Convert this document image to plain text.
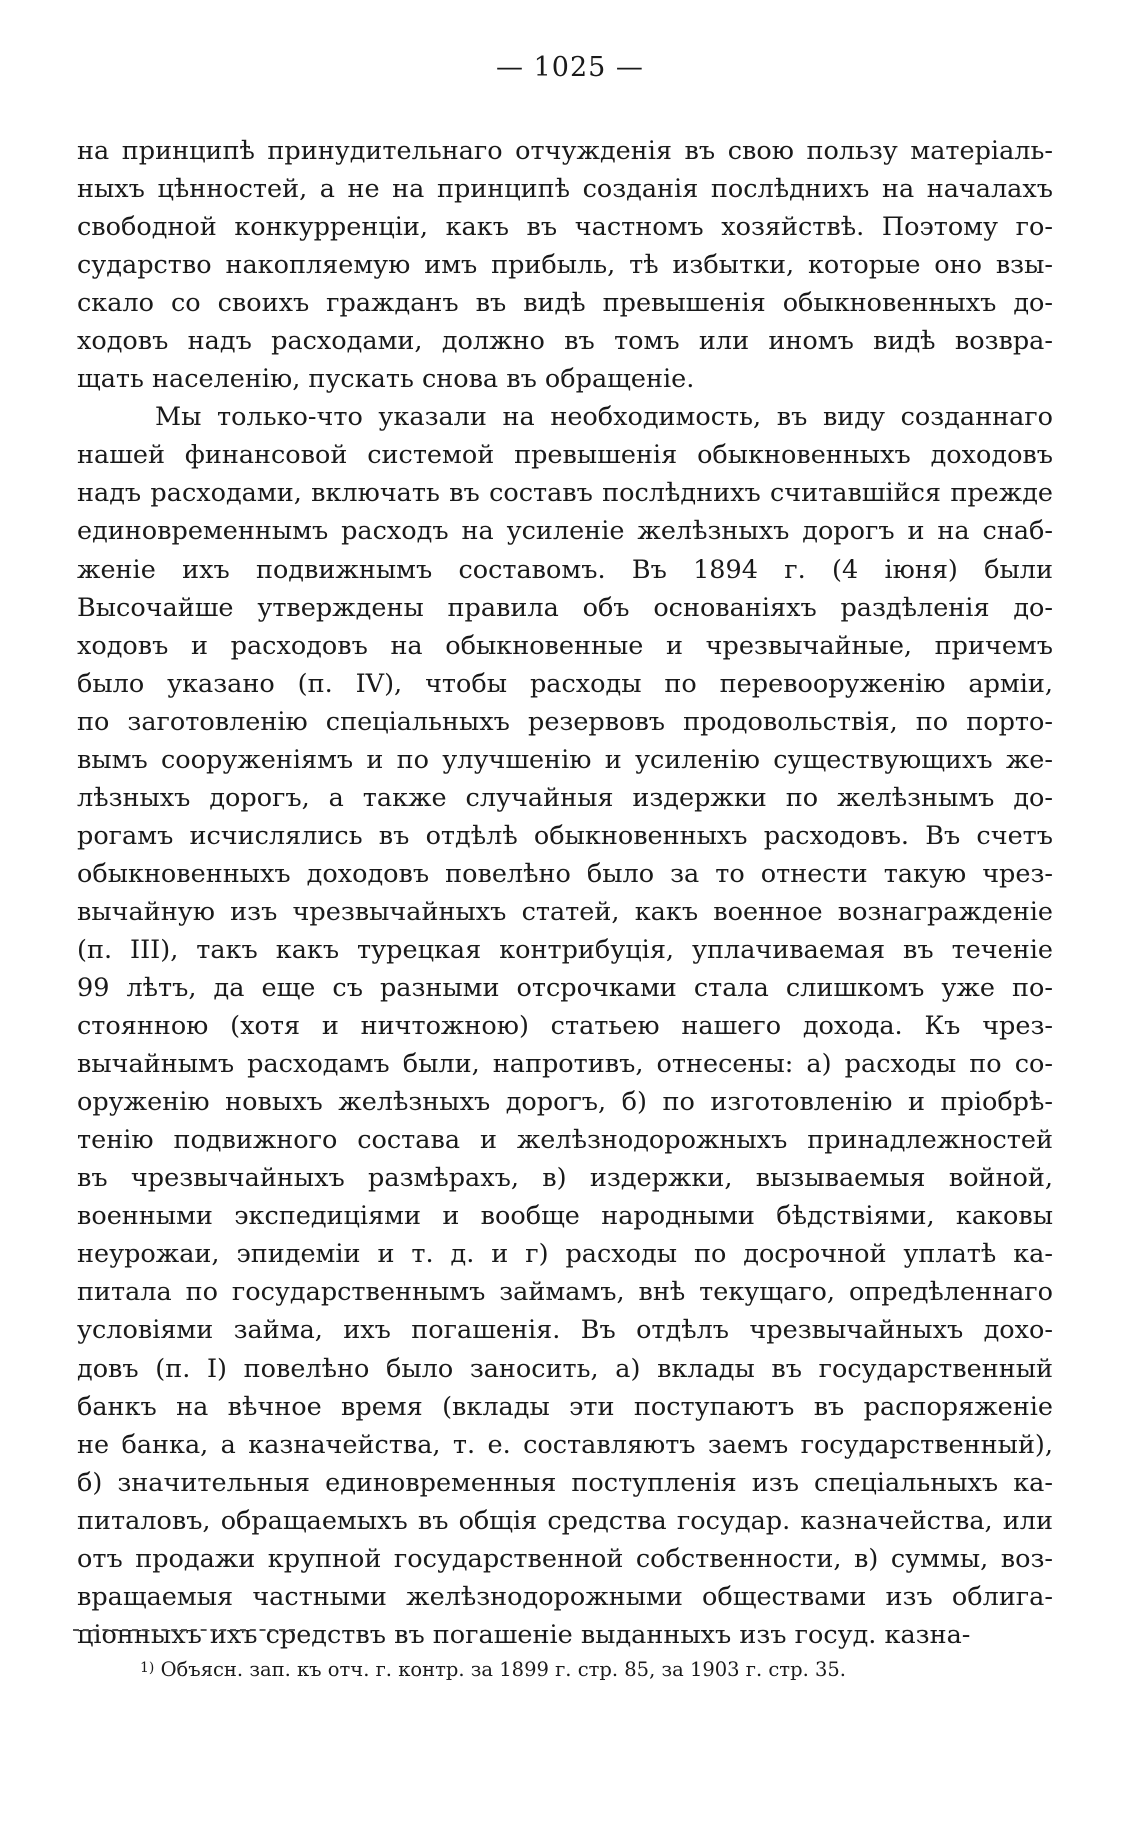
— 1025 —
на принципѣ принудительнаго отчужденія въ свою пользу матеріаль-
ныхъ цѣнностей, а не на принципѣ созданія послѣднихъ на началахъ
свободной конкурренціи, какъ въ частномъ хозяйствѣ. Поэтому го-
сударство накопляемую имъ прибыль, тѣ избытки, которые оно взы-
скало со своихъ гражданъ въ видѣ превышенія обыкновенныхъ до-
ходовъ надъ расходами, должно въ томъ или иномъ видѣ возвра-
щать населенію, пускать снова въ обращеніе.
Мы только-что указали на необходимость, въ виду созданнаго
нашей финансовой системой превышенія обыкновенныхъ доходовъ
надъ расходами, включать въ составъ послѣднихъ считавшійся прежде
единовременнымъ расходъ на усиленіе желѣзныхъ дорогъ и на снаб-
женіе ихъ подвижнымъ составомъ. Въ 1894 г. (4 іюня) были
Высочайше утверждены правила объ основаніяхъ раздѣленія до-
ходовъ и расходовъ на обыкновенные и чрезвычайные, причемъ
было указано (п. IV), чтобы расходы по перевооруженію арміи,
по заготовленію спеціальныхъ резервовъ продовольствія, по порто-
вымъ сооруженіямъ и по улучшенію и усиленію существующихъ же-
лѣзныхъ дорогъ, а также случайныя издержки по желѣзнымъ до-
рогамъ исчислялись въ отдѣлѣ обыкновенныхъ расходовъ. Въ счетъ
обыкновенныхъ доходовъ повелѣно было за то отнести такую чрез-
вычайную изъ чрезвычайныхъ статей, какъ военное вознагражденіе
(п. III), такъ какъ турецкая контрибуція, уплачиваемая въ теченіе
99 лѣтъ, да еще съ разными отсрочками стала слишкомъ уже по-
стоянною (хотя и ничтожною) статьею нашего дохода. Къ чрез-
вычайнымъ расходамъ были, напротивъ, отнесены: а) расходы по со-
оруженію новыхъ желѣзныхъ дорогъ, б) по изготовленію и пріобрѣ-
тенію подвижного состава и желѣзнодорожныхъ принадлежностей
въ чрезвычайныхъ размѣрахъ, в) издержки, вызываемыя войной,
военными экспедиціями и вообще народными бѣдствіями, каковы
неурожаи, эпидеміи и т. д. и г) расходы по досрочной уплатѣ ка-
питала по государственнымъ займамъ, внѣ текущаго, опредѣленнаго
условіями займа, ихъ погашенія. Въ отдѣлъ чрезвычайныхъ дохо-
довъ (п. I) повелѣно было заносить, а) вклады въ государственный
банкъ на вѣчное время (вклады эти поступаютъ въ распоряженіе
не банка, а казначейства, т. е. составляютъ заемъ государственный),
б) значительныя единовременныя поступленія изъ спеціальныхъ ка-
питаловъ, обращаемыхъ въ общія средства государ. казначейства, или
отъ продажи крупной государственной собственности, в) суммы, воз-
вращаемыя частными желѣзнодорожными обществами изъ облига-
ціонныхъ ихъ средствъ въ погашеніе выданныхъ изъ госуд. казна-
$^{1)}$ Объясн. зап. къ отч. г. контр. за 1899 г. стр. 85, за 1903 г. стр. 35.
